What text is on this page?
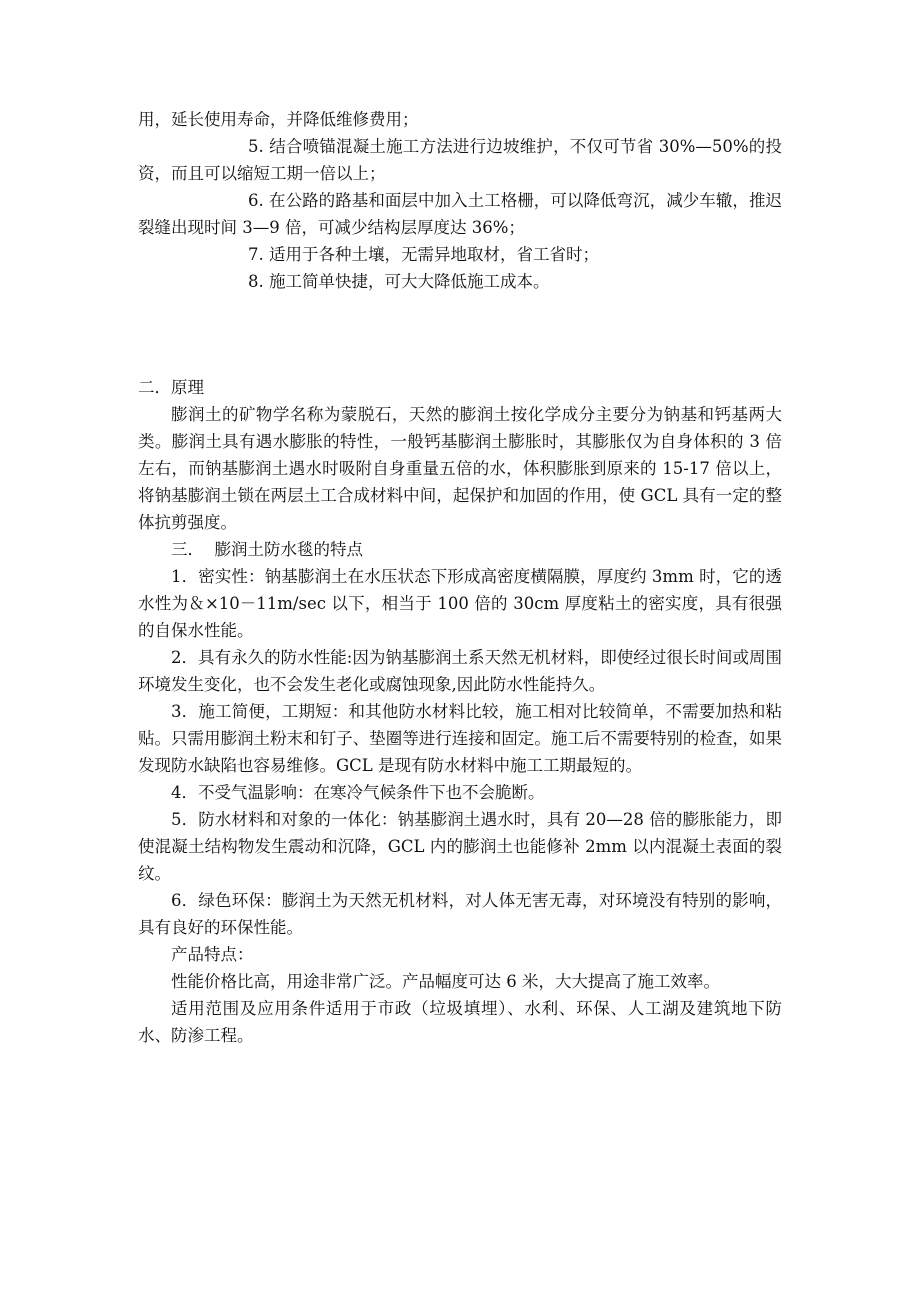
用，延长使用寿命，并降低维修费用；

5. 结合喷锚混凝土施工方法进行边坡维护，不仅可节省 30%—50%的投资，而且可以缩短工期一倍以上；

6. 在公路的路基和面层中加入土工格栅，可以降低弯沉，减少车辙，推迟裂缝出现时间 3—9 倍，可减少结构层厚度达 36%；

7. 适用于各种土壤，无需异地取材，省工省时；

8. 施工简单快捷，可大大降低施工成本。

二．原理

膨润土的矿物学名称为蒙脱石，天然的膨润土按化学成分主要分为钠基和钙基两大类。膨润土具有遇水膨胀的特性，一般钙基膨润土膨胀时，其膨胀仅为自身体积的 3 倍左右，而钠基膨润土遇水时吸附自身重量五倍的水，体积膨胀到原来的 15-17 倍以上，将钠基膨润土锁在两层土工合成材料中间，起保护和加固的作用，使 GCL 具有一定的整体抗剪强度。

三．  膨润土防水毯的特点

1．密实性：钠基膨润土在水压状态下形成高密度横隔膜，厚度约 3mm 时，它的透水性为＆×10－11m/sec 以下，相当于 100 倍的 30cm 厚度粘土的密实度，具有很强的自保水性能。

2．具有永久的防水性能:因为钠基膨润土系天然无机材料，即使经过很长时间或周围环境发生变化，也不会发生老化或腐蚀现象,因此防水性能持久。

3．施工简便，工期短：和其他防水材料比较，施工相对比较简单，不需要加热和粘贴。只需用膨润土粉末和钉子、垫圈等进行连接和固定。施工后不需要特别的检查，如果发现防水缺陷也容易维修。GCL 是现有防水材料中施工工期最短的。

4．不受气温影响：在寒冷气候条件下也不会脆断。

5．防水材料和对象的一体化：钠基膨润土遇水时，具有 20—28 倍的膨胀能力，即使混凝土结构物发生震动和沉降，GCL 内的膨润土也能修补 2mm 以内混凝土表面的裂纹。

6．绿色环保：膨润土为天然无机材料，对人体无害无毒，对环境没有特别的影响，具有良好的环保性能。

产品特点：

性能价格比高，用途非常广泛。产品幅度可达 6 米，大大提高了施工效率。

适用范围及应用条件适用于市政（垃圾填埋）、水利、环保、人工湖及建筑地下防水、防渗工程。
